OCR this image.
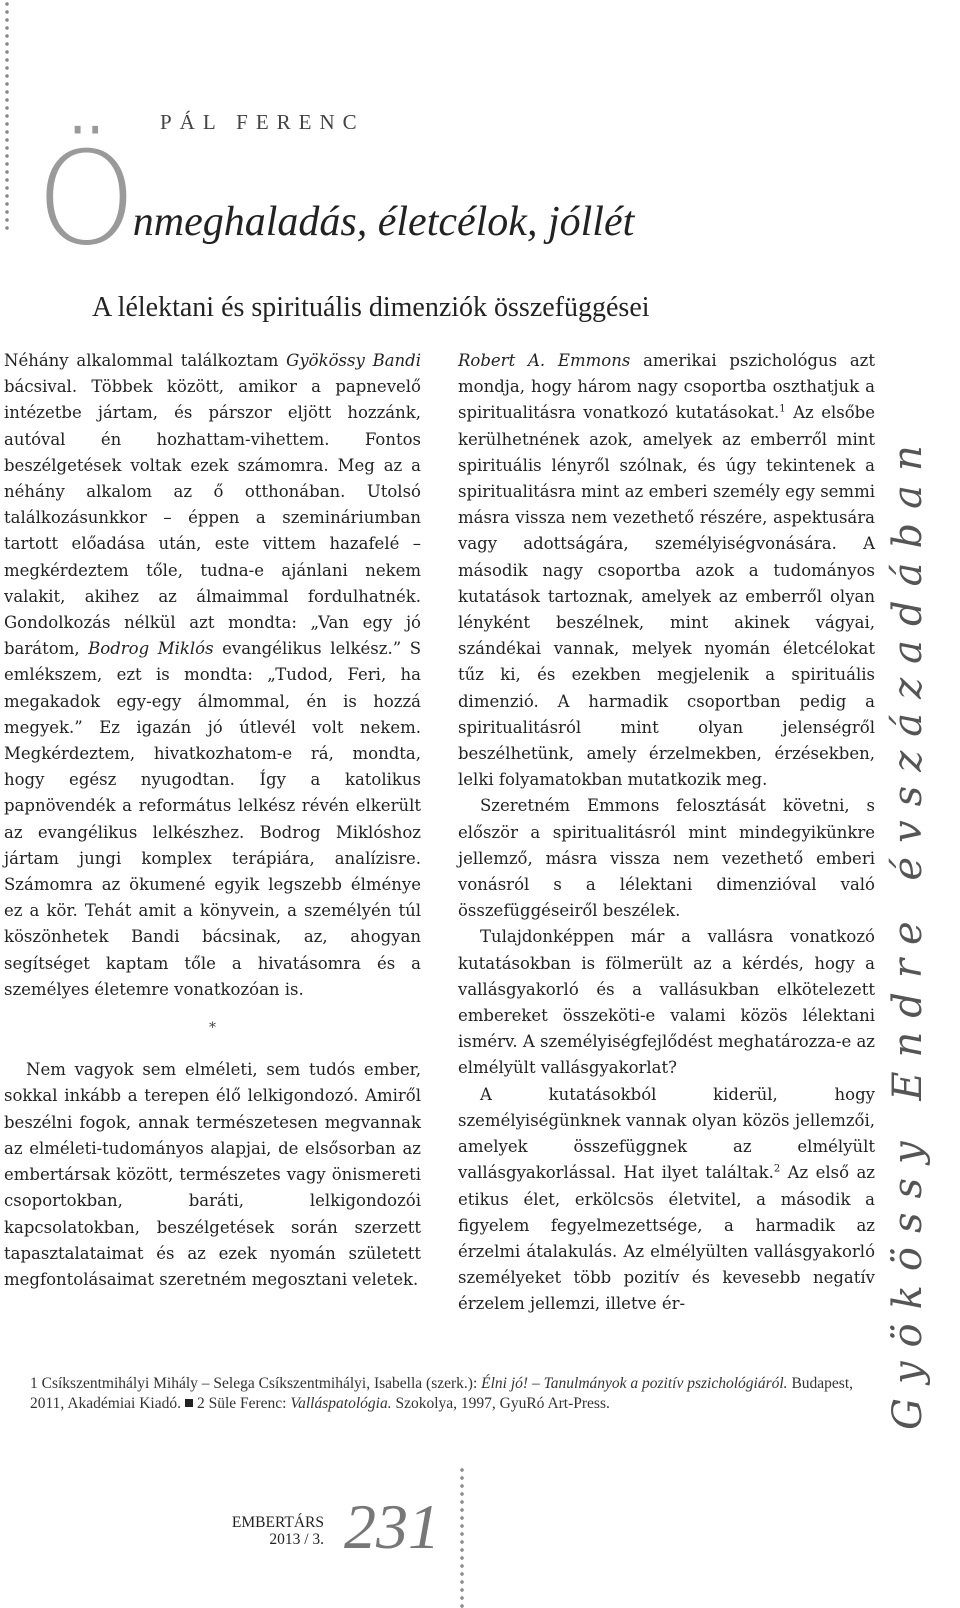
PÁL FERENC
Önmeghaladás, életcélok, jóllét
A lélektani és spirituális dimenziók összefüggései

Néhány alkalommal találkoztam Gyökössy Bandi bácsival. Többek között, amikor a papnevelő intézetbe jártam, és párszor eljött hozzánk, autóval én hozhattam-vihettem. Fontos beszélgetések voltak ezek számomra. Meg az a néhány alkalom az ő otthonában. Utolsó találkozásunkkor – éppen a szemináriumban tartott előadása után, este vittem hazafelé – megkérdeztem tőle, tudna-e ajánlani nekem valakit, akihez az álmaimmal fordulhatnék. Gondolkozás nélkül azt mondta: „Van egy jó barátom, Bodrog Miklós evangélikus lelkész.” S emlékszem, ezt is mondta: „Tudod, Feri, ha megakadok egy-egy álmommal, én is hozzá megyek.” Ez igazán jó útlevél volt nekem. Megkérdeztem, hivatkozhatom-e rá, mondta, hogy egész nyugodtan. Így a katolikus papnövendék a református lelkész révén elkerült az evangélikus lelkészhez. Bodrog Miklóshoz jártam jungi komplex terápiára, analízisre. Számomra az ökumené egyik legszebb élménye ez a kör. Tehát amit a könyvein, a személyén túl köszönhetek Bandi bácsinak, az, ahogyan segítséget kaptam tőle a hivatásomra és a személyes életemre vonatkozóan is.

*

Nem vagyok sem elméleti, sem tudós ember, sokkal inkább a terepen élő lelkigondozó. Amiről beszélni fogok, annak természetesen megvannak az elméleti-tudományos alapjai, de elsősorban az embertársak között, természetes vagy önismereti csoportokban, baráti, lelkigondozói kapcsolatokban, beszélgetések során szerzett tapasztalataimat és az ezek nyomán született megfontolásaimat szeretném megosztani veletek.

Robert A. Emmons amerikai pszichológus azt mondja, hogy három nagy csoportba oszthatjuk a spiritualitásra vonatkozó kutatásokat.$^1$ Az elsőbe kerülhetnének azok, amelyek az emberről mint spirituális lényről szólnak, és úgy tekintenek a spiritualitásra mint az emberi személy egy semmi másra vissza nem vezethető részére, aspektusára vagy adottságára, személyiségvonására. A második nagy csoportba azok a tudományos kutatások tartoznak, amelyek az emberről olyan lényként beszélnek, mint akinek vágyai, szándékai vannak, melyek nyomán életcélokat tűz ki, és ezekben megjelenik a spirituális dimenzió. A harmadik csoportban pedig a spiritualitásról mint olyan jelenségről beszélhetünk, amely érzelmekben, érzésekben, lelki folyamatokban mutatkozik meg.

Szeretném Emmons felosztását követni, s először a spiritualitásról mint mindegyikünkre jellemző, másra vissza nem vezethető emberi vonásról s a lélektani dimenzióval való összefüggéseiről beszélek.

Tulajdonképpen már a vallásra vonatkozó kutatásokban is fölmerült az a kérdés, hogy a vallásgyakorló és a vallásukban elkötelezett embereket összeköti-e valami közös lélektani ismérv. A személyiségfejlődést meghatározza-e az elmélyült vallásgyakorlat?

A kutatásokból kiderül, hogy személyiségünknek vannak olyan közös jellemzői, amelyek összefüggnek az elmélyült vallásgyakorlással. Hat ilyet találtak.$^2$ Az első az etikus élet, erkölcsös életvitel, a második a figyelem fegyelmezettsége, a harmadik az érzelmi átalakulás. Az elmélyülten vallásgyakorló személyeket több pozitív és kevesebb negatív érzelem jellemzi, illetve ér-	Gyökössy Endre évszázadában
1 Csíkszentmihályi Mihály – Selega Csíkszentmihályi, Isabella (szerk.): Élni jó! – Tanulmányok a pozitív pszichológiáról. Budapest, 2011, Akadémiai Kiadó. 2 Süle Ferenc: Valláspatológia. Szokolya, 1997, GyuRó Art-Press.
EMBERTÁRS
2013 / 3. 231
